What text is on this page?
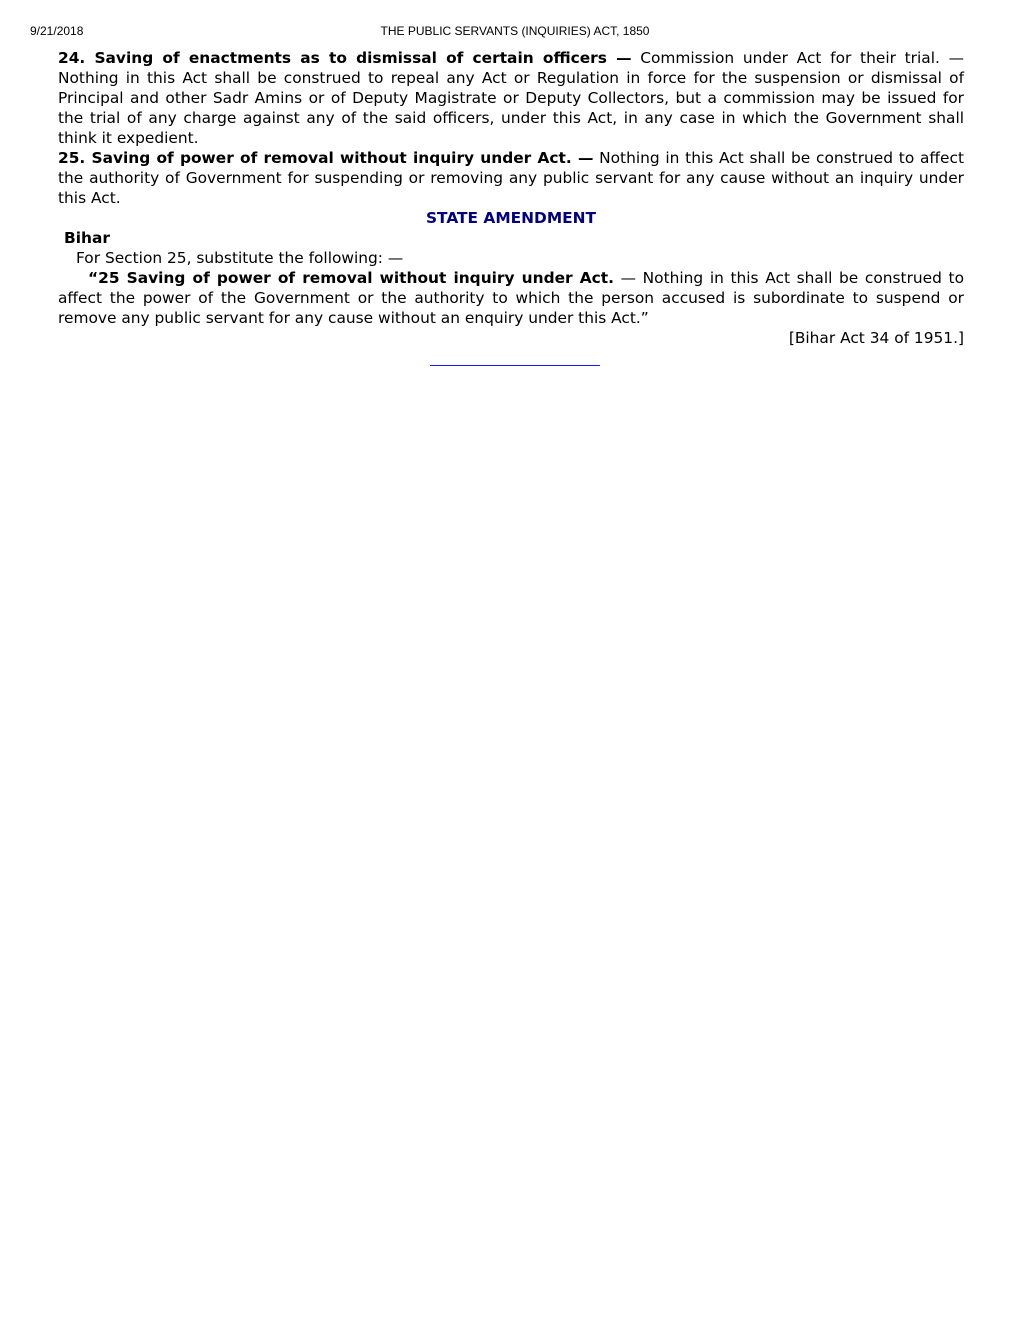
9/21/2018	THE PUBLIC SERVANTS (INQUIRIES) ACT, 1850

24. Saving of enactments as to dismissal of certain officers — Commission under Act for their trial. — Nothing in this Act shall be construed to repeal any Act or Regulation in force for the suspension or dismissal of Principal and other Sadr Amins or of Deputy Magistrate or Deputy Collectors, but a commission may be issued for the trial of any charge against any of the said officers, under this Act, in any case in which the Government shall think it expedient.

25. Saving of power of removal without inquiry under Act. — Nothing in this Act shall be construed to affect the authority of Government for suspending or removing any public servant for any cause without an inquiry under this Act.

STATE AMENDMENT

Bihar

For Section 25, substitute the following: —

“25 Saving of power of removal without inquiry under Act. — Nothing in this Act shall be construed to affect the power of the Government or the authority to which the person accused is subordinate to suspend or remove any public servant for any cause without an enquiry under this Act.”

[Bihar Act 34 of 1951.]
